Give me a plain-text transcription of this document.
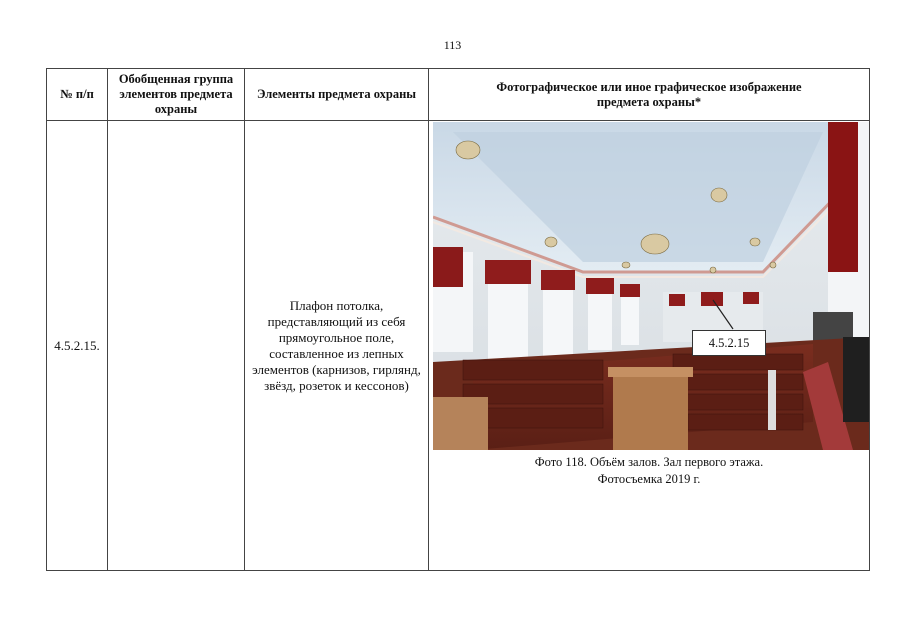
113
№ п/п	Обобщенная группа элементов предмета охраны	Элементы предмета охраны	Фотографическое или иное графическое изображение предмета охраны*
4.5.2.15.		Плафон потолка, представляющий из себя прямоугольное поле, составленное из лепных элементов (карнизов, гирлянд, звёзд, розеток и кессонов)	4.5.2.15
Фото 118. Объём залов. Зал первого этажа.
Фотосъемка 2019 г.
